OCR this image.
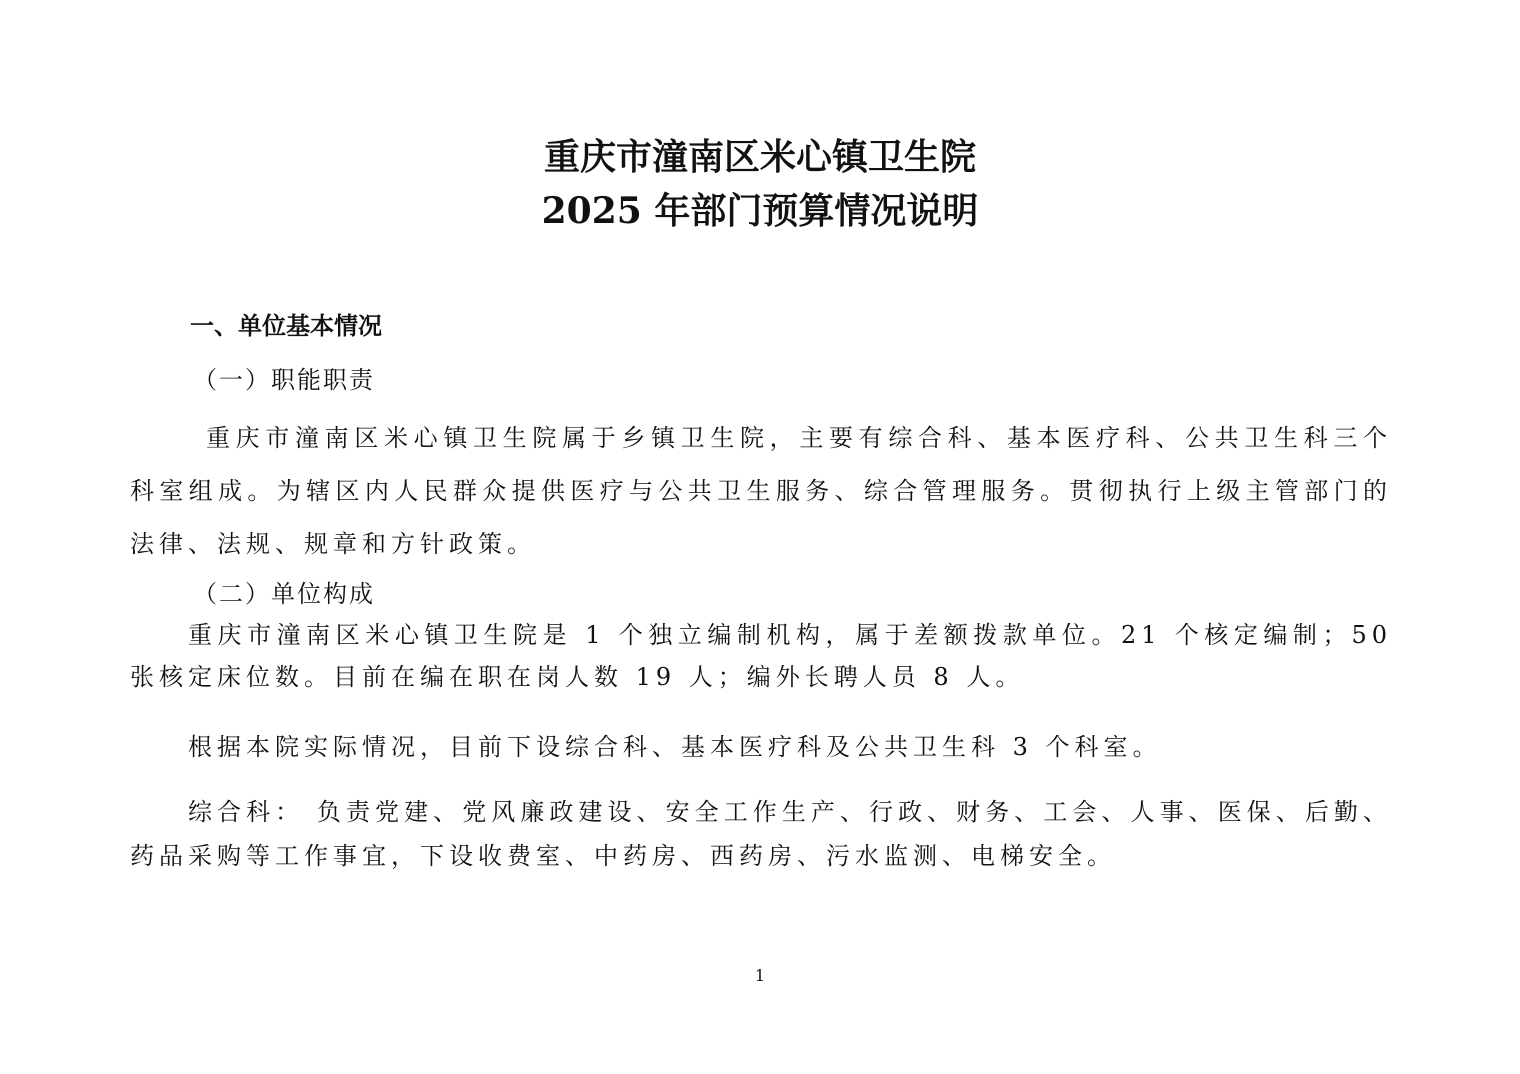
重庆市潼南区米心镇卫生院
2025 年部门预算情况说明
一、单位基本情况
（一）职能职责
重庆市潼南区米心镇卫生院属于乡镇卫生院，主要有综合科、基本医疗科、公共卫生科三个科室组成。为辖区内人民群众提供医疗与公共卫生服务、综合管理服务。贯彻执行上级主管部门的法律、法规、规章和方针政策。
（二）单位构成
重庆市潼南区米心镇卫生院是 1 个独立编制机构，属于差额拨款单位。21 个核定编制；50 张核定床位数。目前在编在职在岗人数 19 人；编外长聘人员 8 人。
根据本院实际情况，目前下设综合科、基本医疗科及公共卫生科 3 个科室。
综合科： 负责党建、党风廉政建设、安全工作生产、行政、财务、工会、人事、医保、后勤、药品采购等工作事宜，下设收费室、中药房、西药房、污水监测、电梯安全。
1
